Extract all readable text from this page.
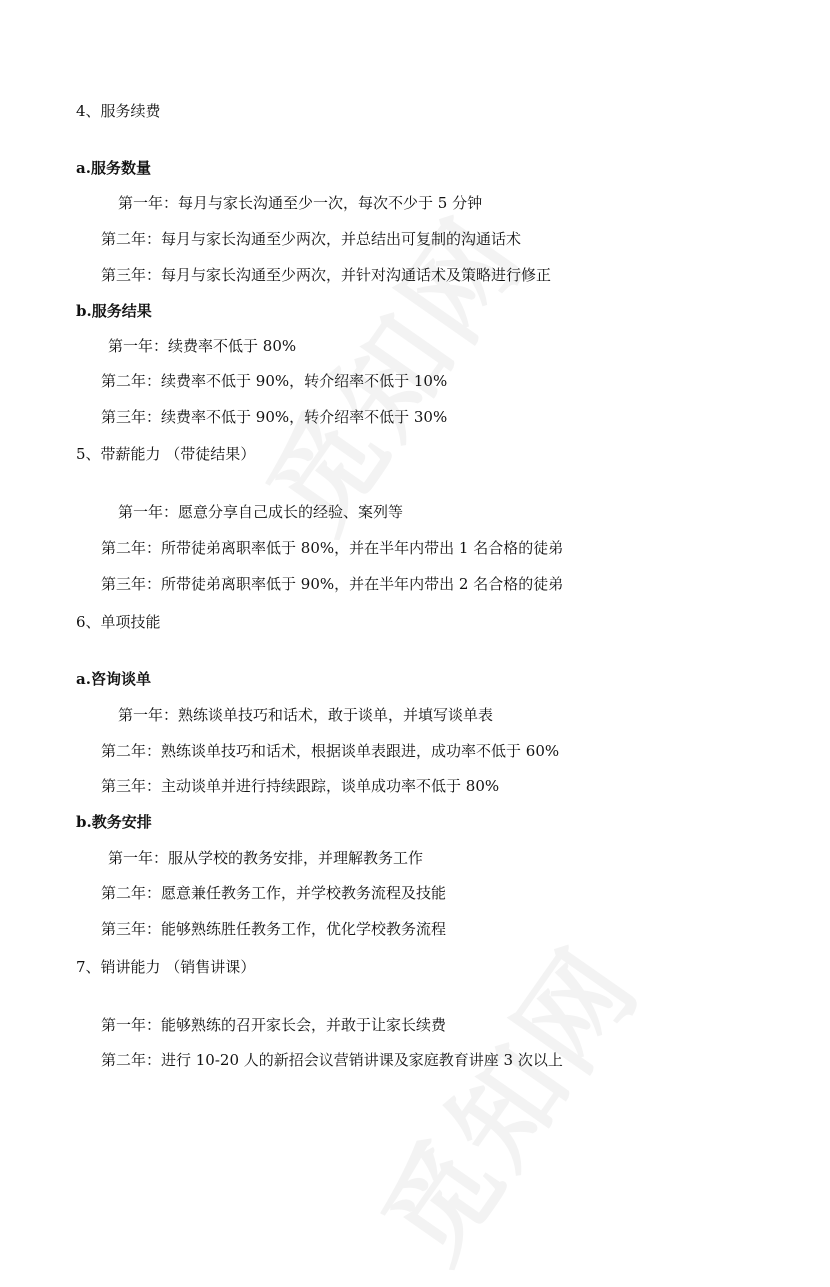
4、服务续费

a.服务数量

第一年：每月与家长沟通至少一次，每次不少于 5 分钟

第二年：每月与家长沟通至少两次，并总结出可复制的沟通话术

第三年：每月与家长沟通至少两次，并针对沟通话术及策略进行修正

b.服务结果

第一年：续费率不低于 80%

第二年：续费率不低于 90%，转介绍率不低于 10%

第三年：续费率不低于 90%，转介绍率不低于 30%

5、带薪能力 （带徒结果）

第一年：愿意分享自己成长的经验、案列等

第二年：所带徒弟离职率低于 80%，并在半年内带出 1 名合格的徒弟

第三年：所带徒弟离职率低于 90%，并在半年内带出 2 名合格的徒弟

6、单项技能

a.咨询谈单

第一年：熟练谈单技巧和话术，敢于谈单，并填写谈单表

第二年：熟练谈单技巧和话术，根据谈单表跟进，成功率不低于 60%

第三年：主动谈单并进行持续跟踪，谈单成功率不低于 80%

b.教务安排

第一年：服从学校的教务安排，并理解教务工作

第二年：愿意兼任教务工作，并学校教务流程及技能

第三年：能够熟练胜任教务工作，优化学校教务流程

7、销讲能力 （销售讲课）

第一年：能够熟练的召开家长会，并敢于让家长续费

第二年：进行 10-20 人的新招会议营销讲课及家庭教育讲座 3 次以上
